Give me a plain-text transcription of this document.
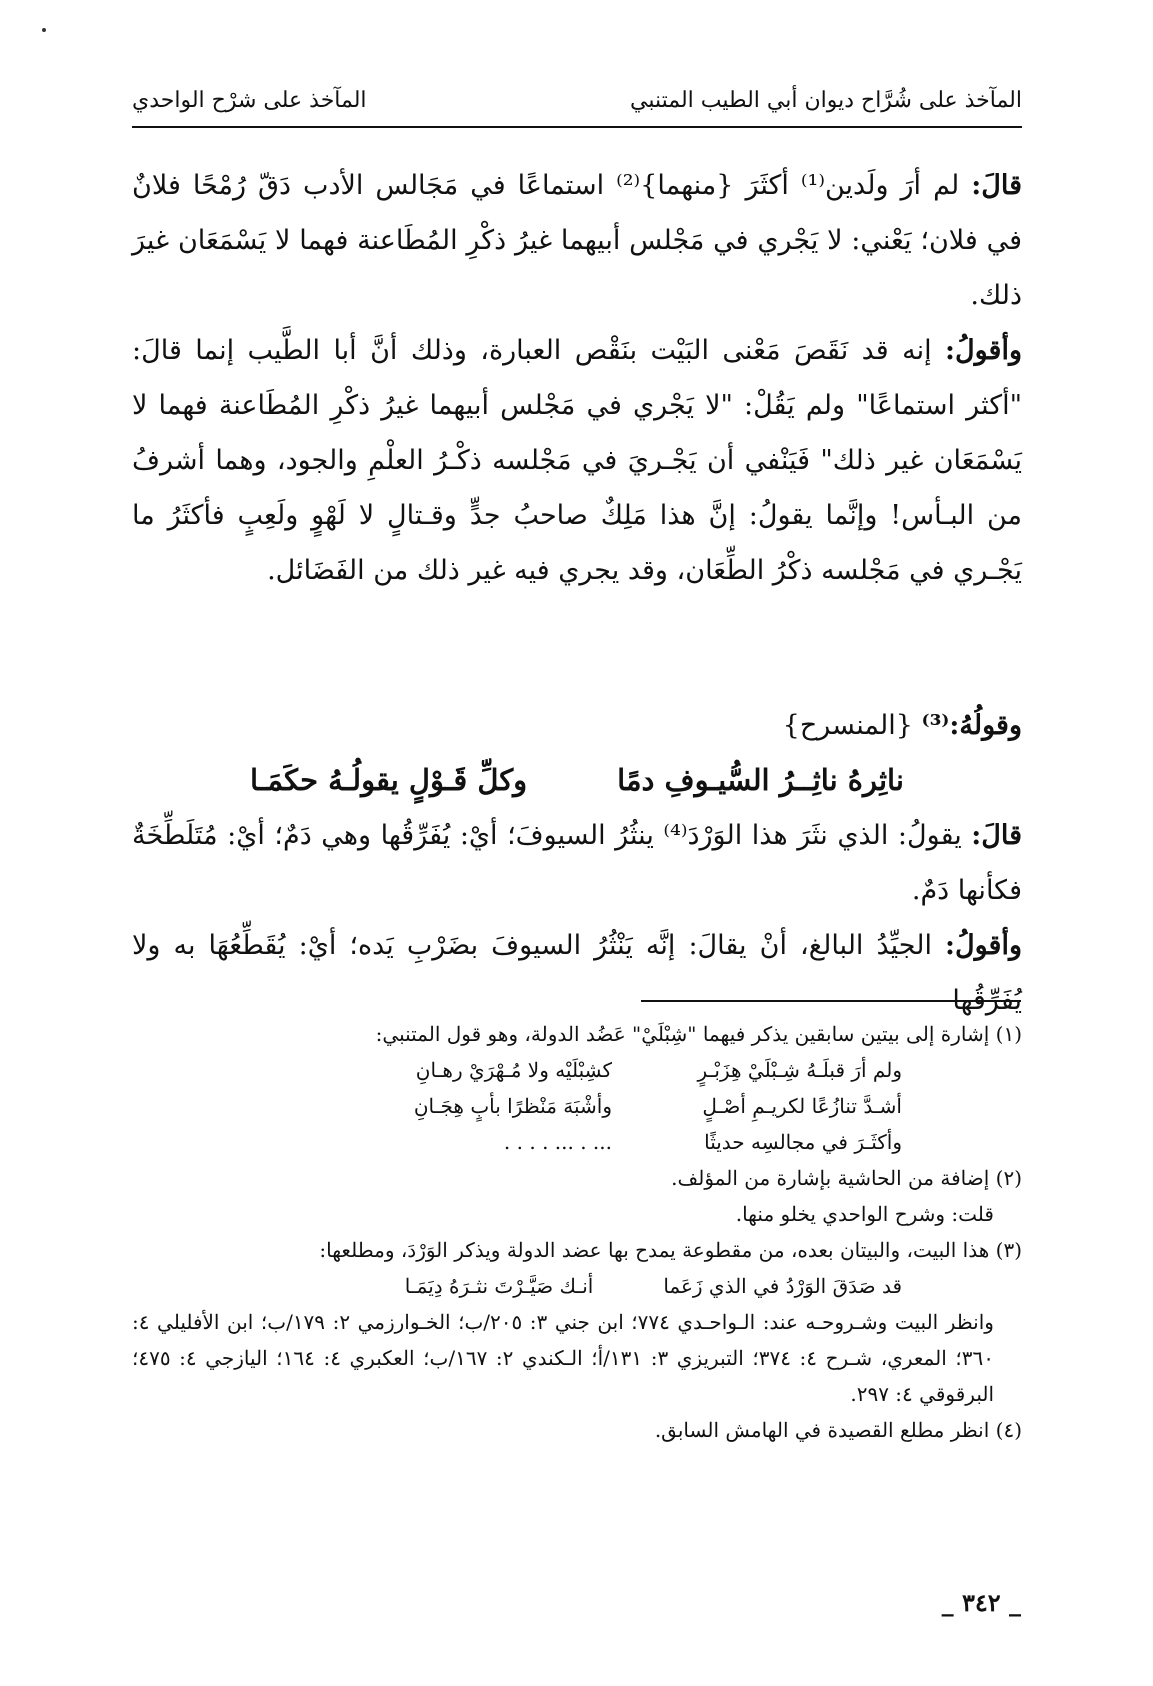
المآخذ على شُرَّاح ديوان أبي الطيب المتنبي
المآخذ على شرْح الواحدي

قالَ: لم أرَ ولَدين⁽¹⁾ أكثَرَ {منهما}⁽²⁾ استماعًا في مَجَالس الأدب دَقّ رُمْحًا فلانٌ في فلان؛ يَعْني: لا يَجْري في مَجْلس أبيهما غيرُ ذكْرِ المُطَاعنة فهما لا يَسْمَعَان غيرَ ذلك.

وأقولُ: إنه قد نَقَصَ مَعْنى البَيْت بنَقْص العبارة، وذلك أنَّ أبا الطَّيب إنما قالَ: "أكثر استماعًا" ولم يَقُلْ: "لا يَجْري في مَجْلس أبيهما غيرُ ذكْرِ المُطَاعنة فهما لا يَسْمَعَان غير ذلك" فَيَنْفي أن يَجْـريَ في مَجْلسه ذكْـرُ العلْمِ والجود، وهما أشرفُ من البـأس! وإنَّما يقولُ: إنَّ هذا مَلِكٌ صاحبُ جدٍّ وقـتالٍ لا لَهْوٍ ولَعِبٍ فأكثَرُ ما يَجْـري في مَجْلسه ذكْرُ الطِّعَان، وقد يجري فيه غير ذلك من الفَضَائل.

وقولُهُ:⁽³⁾ {المنسرح}

ناثِرهُ ناثِــرُ السُّيـوفِ دمًا
وكلِّ قَـوْلٍ يقولُـهُ حكَمَـا

قالَ: يقولُ: الذي نثَرَ هذا الوَرْدَ⁽⁴⁾ ينثُرُ السيوفَ؛ أيْ: يُفَرِّقُها وهي دَمٌ؛ أيْ: مُتَلَطِّخَةٌ فكأنها دَمٌ.

وأقولُ: الجيِّدُ البالغ، أنْ يقالَ: إنَّه يَنْثُرُ السيوفَ بضَرْبِ يَده؛ أيْ: يُقَطِّعُهَا به ولا يُفَرِّقُها

(١) إشارة إلى بيتين سابقين يذكر فيهما "شِبْلَيْ" عَضُد الدولة، وهو قول المتنبي:

ولم أرَ قبلَـهُ شِـبْلَيْ هِزَبْـرٍ
كشِبْلَيْه ولا مُـهْرَيْ رهـانِ
أشـدَّ تنازُعًا لكريـمِ أصْـلٍ
وأشْبَهَ مَنْظرًا بأبٍ هِجَـانِ
وأكثَـرَ في مجالسِه حديثًا
... . ... . . . .

(٢) إضافة من الحاشية بإشارة من المؤلف.

قلت: وشرح الواحدي يخلو منها.

(٣) هذا البيت، والبيتان بعده، من مقطوعة يمدح بها عضد الدولة ويذكر الوَرْدَ، ومطلعها:

قد صَدَقَ الوَرْدُ في الذي زَعَما
أنـك صَيَّـرْتَ نثـرَهُ دِيَمَـا

وانظر البيت وشـروحـه عند: الـواحـدي ٧٧٤؛ ابن جني ٣: ٢٠٥/ب؛ الخـوارزمي ٢: ١٧٩/ب؛ ابن الأفليلي ٤: ٣٦٠؛ المعري، شـرح ٤: ٣٧٤؛ التبريزي ٣: ١٣١/أ؛ الـكندي ٢: ١٦٧/ب؛ العكبري ٤: ١٦٤؛ اليازجي ٤: ٤٧٥؛ البرقوقي ٤: ٢٩٧.

(٤) انظر مطلع القصيدة في الهامش السابق.

_ ٣٤٢ _
